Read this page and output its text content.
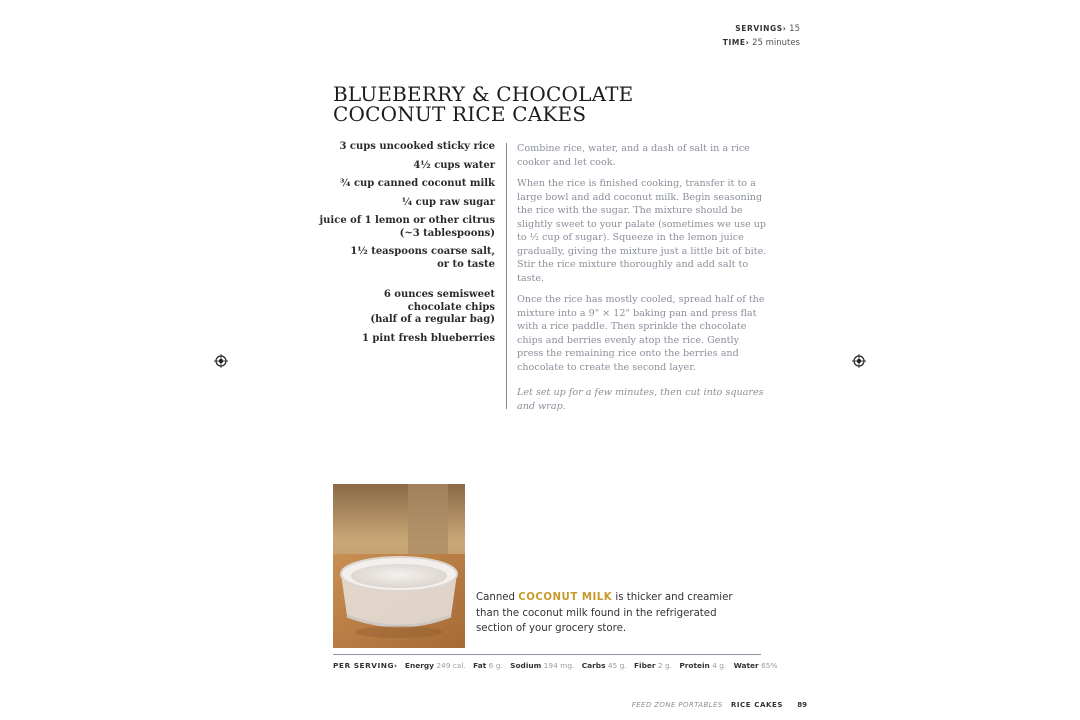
SERVINGS› 15
TIME› 25 minutes
BLUEBERRY & CHOCOLATE
COCONUT RICE CAKES
3 cups uncooked sticky rice
4½ cups water
¾ cup canned coconut milk
¼ cup raw sugar
juice of 1 lemon or other citrus
(~3 tablespoons)
1½ teaspoons coarse salt,
or to taste
6 ounces semisweet
chocolate chips
(half of a regular bag)
1 pint fresh blueberries

Combine rice, water, and a dash of salt in a rice cooker and let cook.

When the rice is finished cooking, transfer it to a large bowl and add coconut milk. Begin seasoning the rice with the sugar. The mixture should be slightly sweet to your palate (sometimes we use up to ½ cup of sugar). Squeeze in the lemon juice gradually, giving the mixture just a little bit of bite. Stir the rice mixture thoroughly and add salt to taste.

Once the rice has mostly cooled, spread half of the mixture into a 9" × 12" baking pan and press flat with a rice paddle. Then sprinkle the chocolate chips and berries evenly atop the rice. Gently press the remaining rice onto the berries and chocolate to create the second layer.

Let set up for a few minutes, then cut into squares and wrap.

Canned COCONUT MILK is thicker and creamier than the coconut milk found in the refrigerated section of your grocery store.
PER SERVING› Energy 249 cal. Fat 6 g. Sodium 194 mg. Carbs 45 g. Fiber 2 g. Protein 4 g. Water 65%
FEED ZONE PORTABLES RICE CAKES 89
